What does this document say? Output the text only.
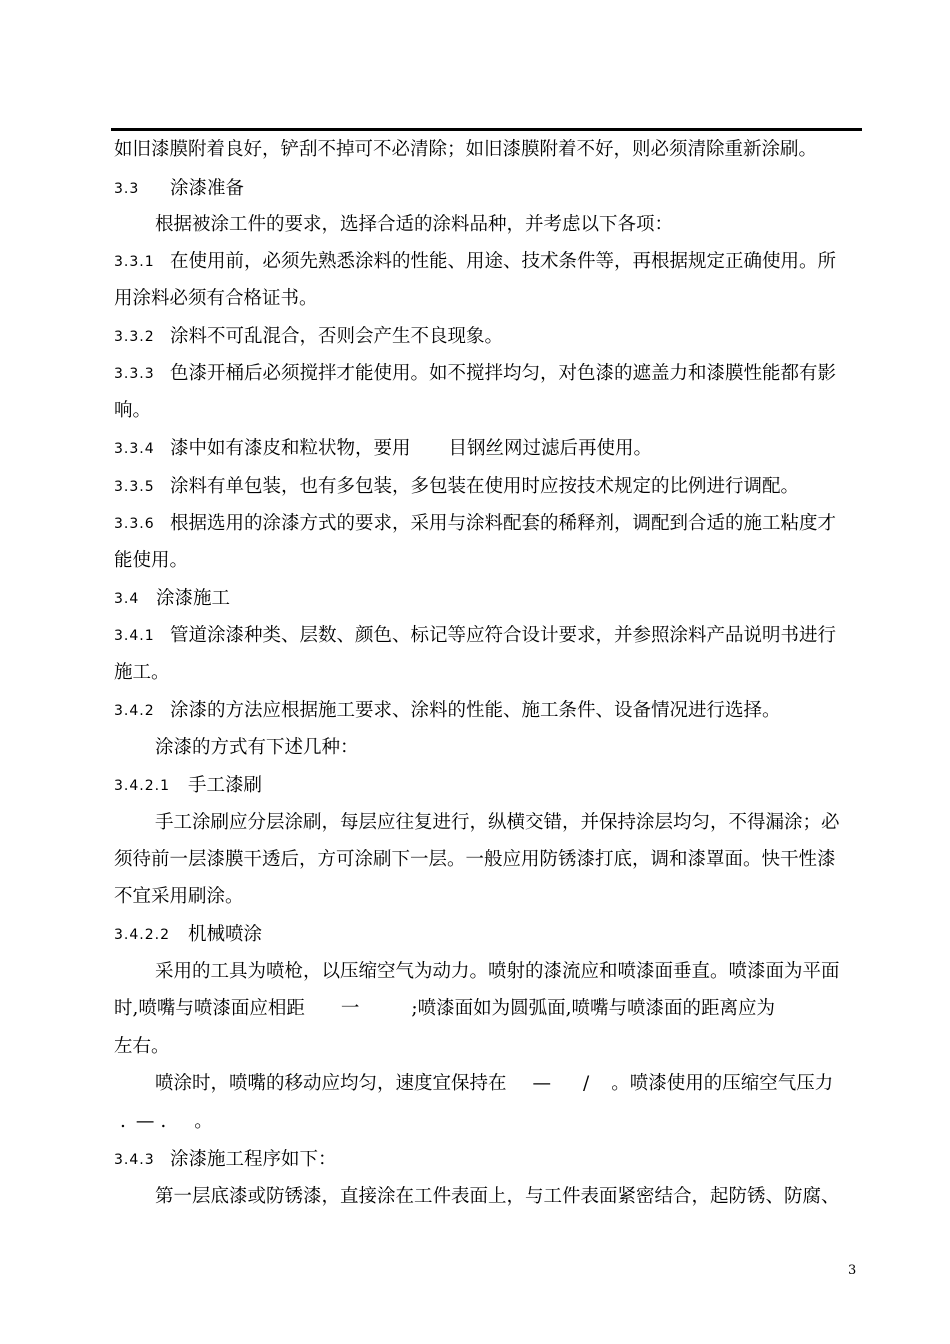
如旧漆膜附着良好，铲刮不掉可不必清除；如旧漆膜附着不好，则必须清除重新涂刷。
3.3 涂漆准备
根据被涂工件的要求，选择合适的涂料品种，并考虑以下各项：
3.3.1 在使用前，必须先熟悉涂料的性能、用途、技术条件等，再根据规定正确使用。所
用涂料必须有合格证书。
3.3.2 涂料不可乱混合，否则会产生不良现象。
3.3.3 色漆开桶后必须搅拌才能使用。如不搅拌均匀，对色漆的遮盖力和漆膜性能都有影
响。
3.3.4 漆中如有漆皮和粒状物，要用 目钢丝网过滤后再使用。
3.3.5 涂料有单包装，也有多包装，多包装在使用时应按技术规定的比例进行调配。
3.3.6 根据选用的涂漆方式的要求，采用与涂料配套的稀释剂，调配到合适的施工粘度才
能使用。
3.4 涂漆施工
3.4.1 管道涂漆种类、层数、颜色、标记等应符合设计要求，并参照涂料产品说明书进行
施工。
3.4.2 涂漆的方法应根据施工要求、涂料的性能、施工条件、设备情况进行选择。
涂漆的方式有下述几种：
3.4.2.1 手工漆刷
手工涂刷应分层涂刷，每层应往复进行，纵横交错，并保持涂层均匀，不得漏涂；必
须待前一层漆膜干透后，方可涂刷下一层。一般应用防锈漆打底，调和漆罩面。快干性漆
不宜采用刷涂。
3.4.2.2 机械喷涂
采用的工具为喷枪，以压缩空气为动力。喷射的漆流应和喷漆面垂直。喷漆面为平面
时,喷嘴与喷漆面应相距 一	;喷漆面如为圆弧面,喷嘴与喷漆面的距离应为
左右。
喷涂时，喷嘴的移动应均匀，速度宜保持在 — / 。喷漆使用的压缩空气压力
. — . 。
3.4.3 涂漆施工程序如下：
第一层底漆或防锈漆，直接涂在工件表面上，与工件表面紧密结合，起防锈、防腐、
3
